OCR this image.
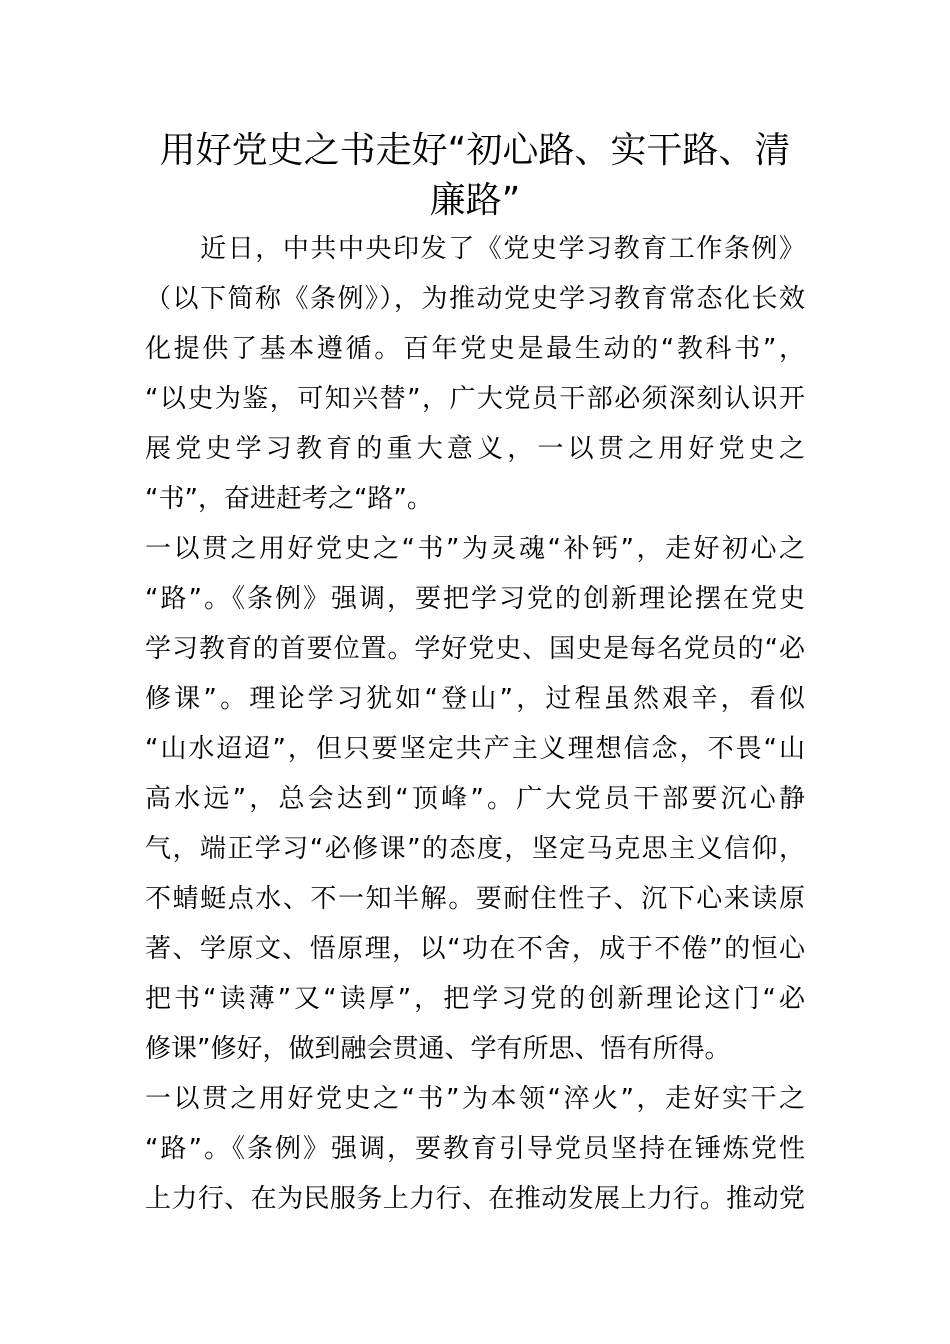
用好党史之书走好“初心路、实干路、清
廉路”
　　近日，中共中央印发了《党史学习教育工作条例》
（以下简称《条例》），为推动党史学习教育常态化长效
化提供了基本遵循。百年党史是最生动的“教科书”，
“以史为鉴，可知兴替”，广大党员干部必须深刻认识开
展党史学习教育的重大意义，一以贯之用好党史之
“书”，奋进赶考之“路”。
一以贯之用好党史之“书”为灵魂“补钙”，走好初心之
“路”。《条例》强调，要把学习党的创新理论摆在党史
学习教育的首要位置。学好党史、国史是每名党员的“必
修课”。理论学习犹如“登山”，过程虽然艰辛，看似
“山水迢迢”，但只要坚定共产主义理想信念，不畏“山
高水远”，总会达到“顶峰”。广大党员干部要沉心静
气，端正学习“必修课”的态度，坚定马克思主义信仰，
不蜻蜓点水、不一知半解。要耐住性子、沉下心来读原
著、学原文、悟原理，以“功在不舍，成于不倦”的恒心
把书“读薄”又“读厚”，把学习党的创新理论这门“必
修课”修好，做到融会贯通、学有所思、悟有所得。
一以贯之用好党史之“书”为本领“淬火”，走好实干之
“路”。《条例》强调，要教育引导党员坚持在锤炼党性
上力行、在为民服务上力行、在推动发展上力行。推动党
